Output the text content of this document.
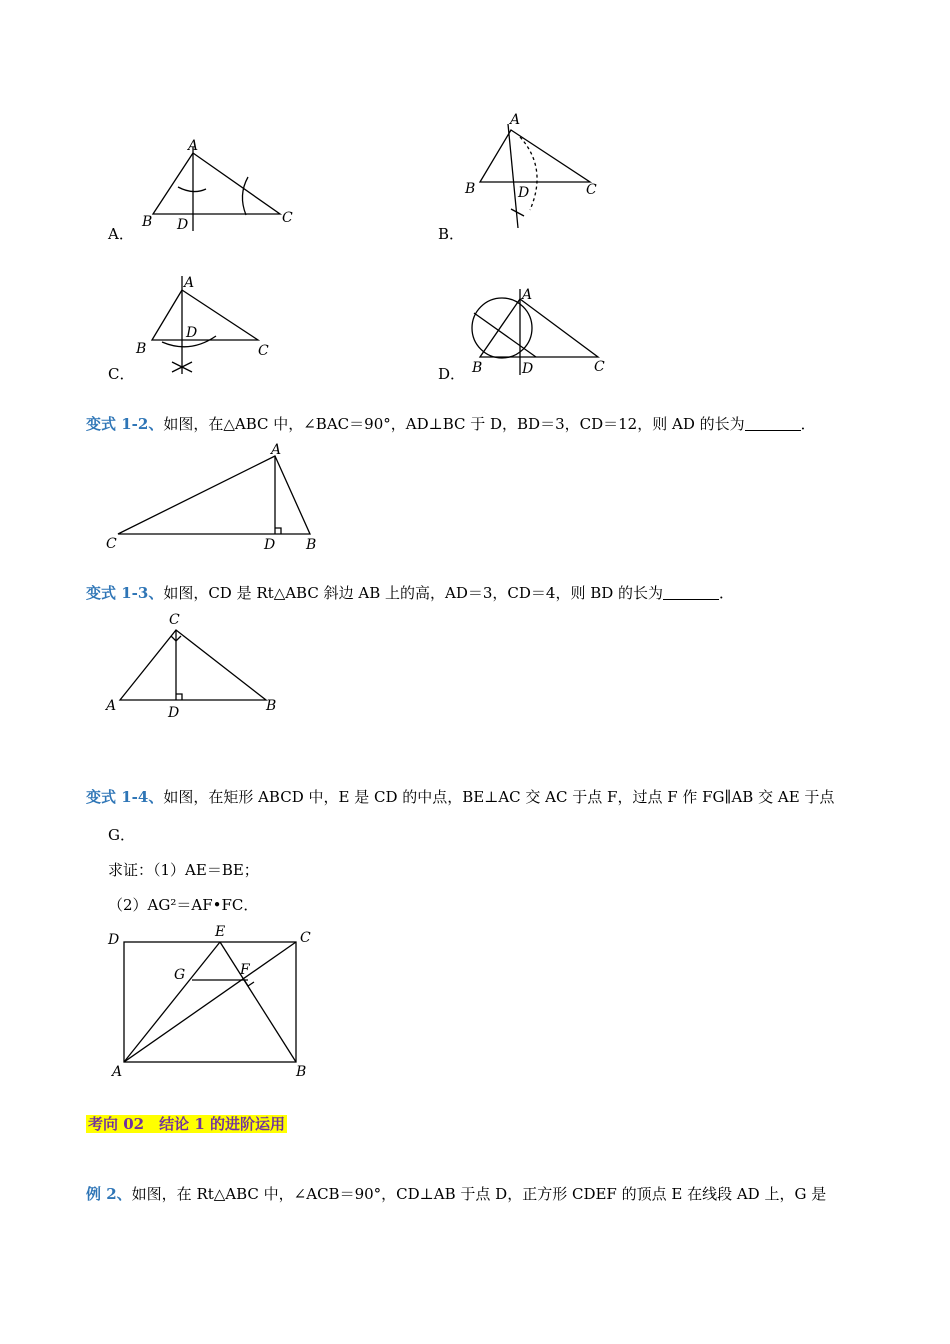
A
B D	C
A．
A
B	D	C
B．
A
D
B	C
C．
A
B	D	C
D．
变式 1-2、如图，在△ABC 中，∠BAC＝90°，AD⊥BC 于 D，BD＝3，CD＝12，则 AD 的长为	．
A
C	D B
变式 1-3、如图，CD 是 Rt△ABC 斜边 AB 上的高，AD＝3，CD＝4，则 BD 的长为	．
C
A	D	B
变式 1-4、如图，在矩形 ABCD 中，E 是 CD 的中点，BE⊥AC 交 AC 于点 F，过点 F 作 FG∥AB 交 AE 于点
G．
求证：（1）AE＝BE；
（2）AG²＝AF•FC．
D	E	C
G	F
A	B
考向 02　结论 1 的进阶运用
例 2、如图，在 Rt△ABC 中，∠ACB＝90°，CD⊥AB 于点 D，正方形 CDEF 的顶点 E 在线段 AD 上，G 是
